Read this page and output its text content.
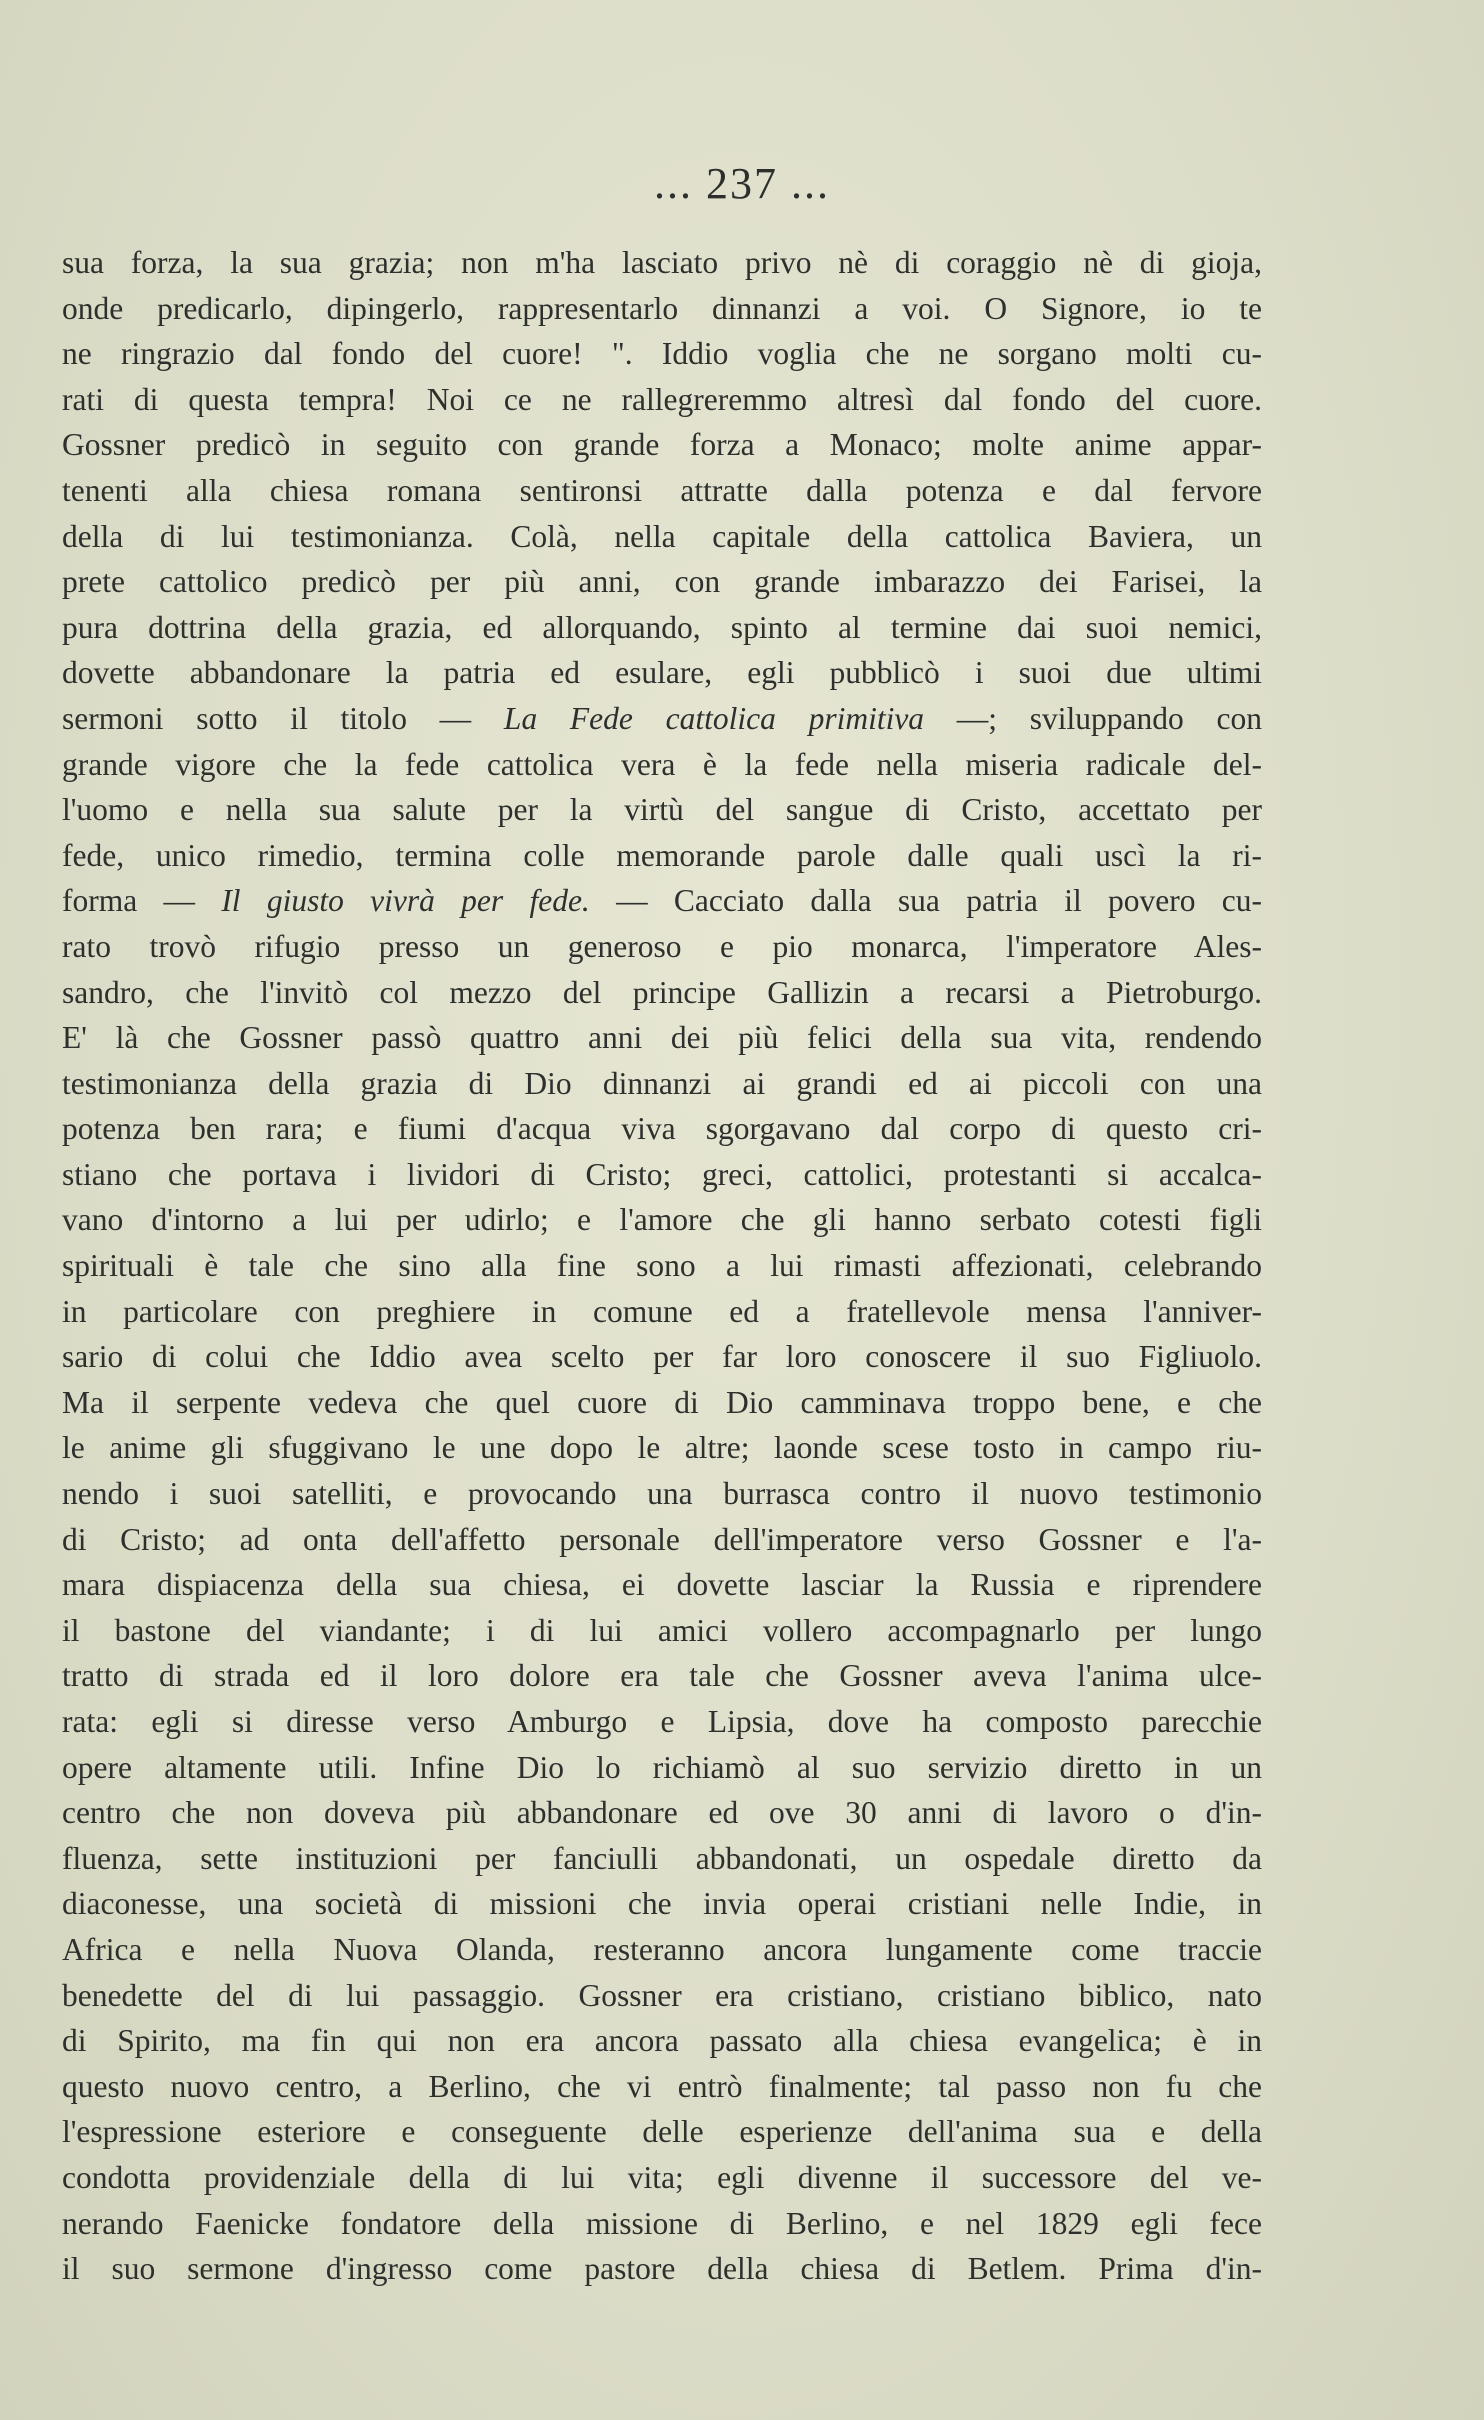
... 237 ...
sua forza, la sua grazia; non m'ha lasciato privo nè di coraggio nè di gioja,
onde predicarlo, dipingerlo, rappresentarlo dinnanzi a voi. O Signore, io te
ne ringrazio dal fondo del cuore! ". Iddio voglia che ne sorgano molti cu-
rati di questa tempra! Noi ce ne rallegreremmo altresì dal fondo del cuore.
Gossner predicò in seguito con grande forza a Monaco; molte anime appar-
tenenti alla chiesa romana sentironsi attratte dalla potenza e dal fervore
della di lui testimonianza. Colà, nella capitale della cattolica Baviera, un
prete cattolico predicò per più anni, con grande imbarazzo dei Farisei, la
pura dottrina della grazia, ed allorquando, spinto al termine dai suoi nemici,
dovette abbandonare la patria ed esulare, egli pubblicò i suoi due ultimi
sermoni sotto il titolo — La Fede cattolica primitiva —; sviluppando con
grande vigore che la fede cattolica vera è la fede nella miseria radicale del-
l'uomo e nella sua salute per la virtù del sangue di Cristo, accettato per
fede, unico rimedio, termina colle memorande parole dalle quali uscì la ri-
forma — Il giusto vivrà per fede. — Cacciato dalla sua patria il povero cu-
rato trovò rifugio presso un generoso e pio monarca, l'imperatore Ales-
sandro, che l'invitò col mezzo del principe Gallizin a recarsi a Pietroburgo.
E' là che Gossner passò quattro anni dei più felici della sua vita, rendendo
testimonianza della grazia di Dio dinnanzi ai grandi ed ai piccoli con una
potenza ben rara; e fiumi d'acqua viva sgorgavano dal corpo di questo cri-
stiano che portava i lividori di Cristo; greci, cattolici, protestanti si accalca-
vano d'intorno a lui per udirlo; e l'amore che gli hanno serbato cotesti figli
spirituali è tale che sino alla fine sono a lui rimasti affezionati, celebrando
in particolare con preghiere in comune ed a fratellevole mensa l'anniver-
sario di colui che Iddio avea scelto per far loro conoscere il suo Figliuolo.
Ma il serpente vedeva che quel cuore di Dio camminava troppo bene, e che
le anime gli sfuggivano le une dopo le altre; laonde scese tosto in campo riu-
nendo i suoi satelliti, e provocando una burrasca contro il nuovo testimonio
di Cristo; ad onta dell'affetto personale dell'imperatore verso Gossner e l'a-
mara dispiacenza della sua chiesa, ei dovette lasciar la Russia e riprendere
il bastone del viandante; i di lui amici vollero accompagnarlo per lungo
tratto di strada ed il loro dolore era tale che Gossner aveva l'anima ulce-
rata: egli si diresse verso Amburgo e Lipsia, dove ha composto parecchie
opere altamente utili. Infine Dio lo richiamò al suo servizio diretto in un
centro che non doveva più abbandonare ed ove 30 anni di lavoro o d'in-
fluenza, sette instituzioni per fanciulli abbandonati, un ospedale diretto da
diaconesse, una società di missioni che invia operai cristiani nelle Indie, in
Africa e nella Nuova Olanda, resteranno ancora lungamente come traccie
benedette del di lui passaggio. Gossner era cristiano, cristiano biblico, nato
di Spirito, ma fin qui non era ancora passato alla chiesa evangelica; è in
questo nuovo centro, a Berlino, che vi entrò finalmente; tal passo non fu che
l'espressione esteriore e conseguente delle esperienze dell'anima sua e della
condotta providenziale della di lui vita; egli divenne il successore del ve-
nerando Faenicke fondatore della missione di Berlino, e nel 1829 egli fece
il suo sermone d'ingresso come pastore della chiesa di Betlem. Prima d'in-
